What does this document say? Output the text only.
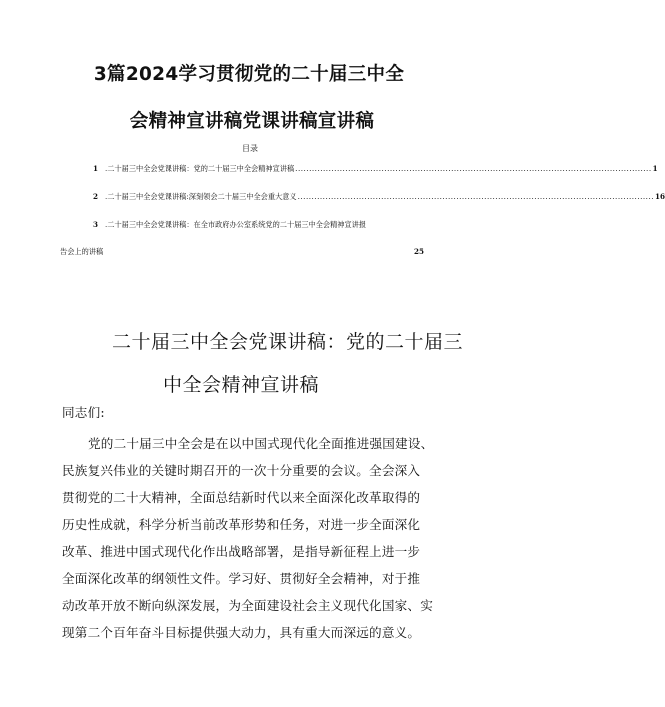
3篇2024学习贯彻党的二十届三中全
会精神宣讲稿党课讲稿宣讲稿
目录
1 .二十届三中全会党课讲稿：党的二十届三中全会精神宣讲稿 ................................................................................................................................ 1
2 .二十届三中全会党课讲稿:深刻领会二十届三中全会重大意义 ................................................................................................................................ 16
3 .二十届三中全会党课讲稿：在全市政府办公室系统党的二十届三中全会精神宣讲报
告会上的讲稿	25
二十届三中全会党课讲稿：党的二十届三
中全会精神宣讲稿
同志们:
党的二十届三中全会是在以中国式现代化全面推进强国建设、
民族复兴伟业的关键时期召开的一次十分重要的会议。全会深入
贯彻党的二十大精神，全面总结新时代以来全面深化改革取得的
历史性成就，科学分析当前改革形势和任务，对进一步全面深化
改革、推进中国式现代化作出战略部署，是指导新征程上进一步
全面深化改革的纲领性文件。学习好、贯彻好全会精神，对于推
动改革开放不断向纵深发展，为全面建设社会主义现代化国家、实
现第二个百年奋斗目标提供强大动力，具有重大而深远的意义。
